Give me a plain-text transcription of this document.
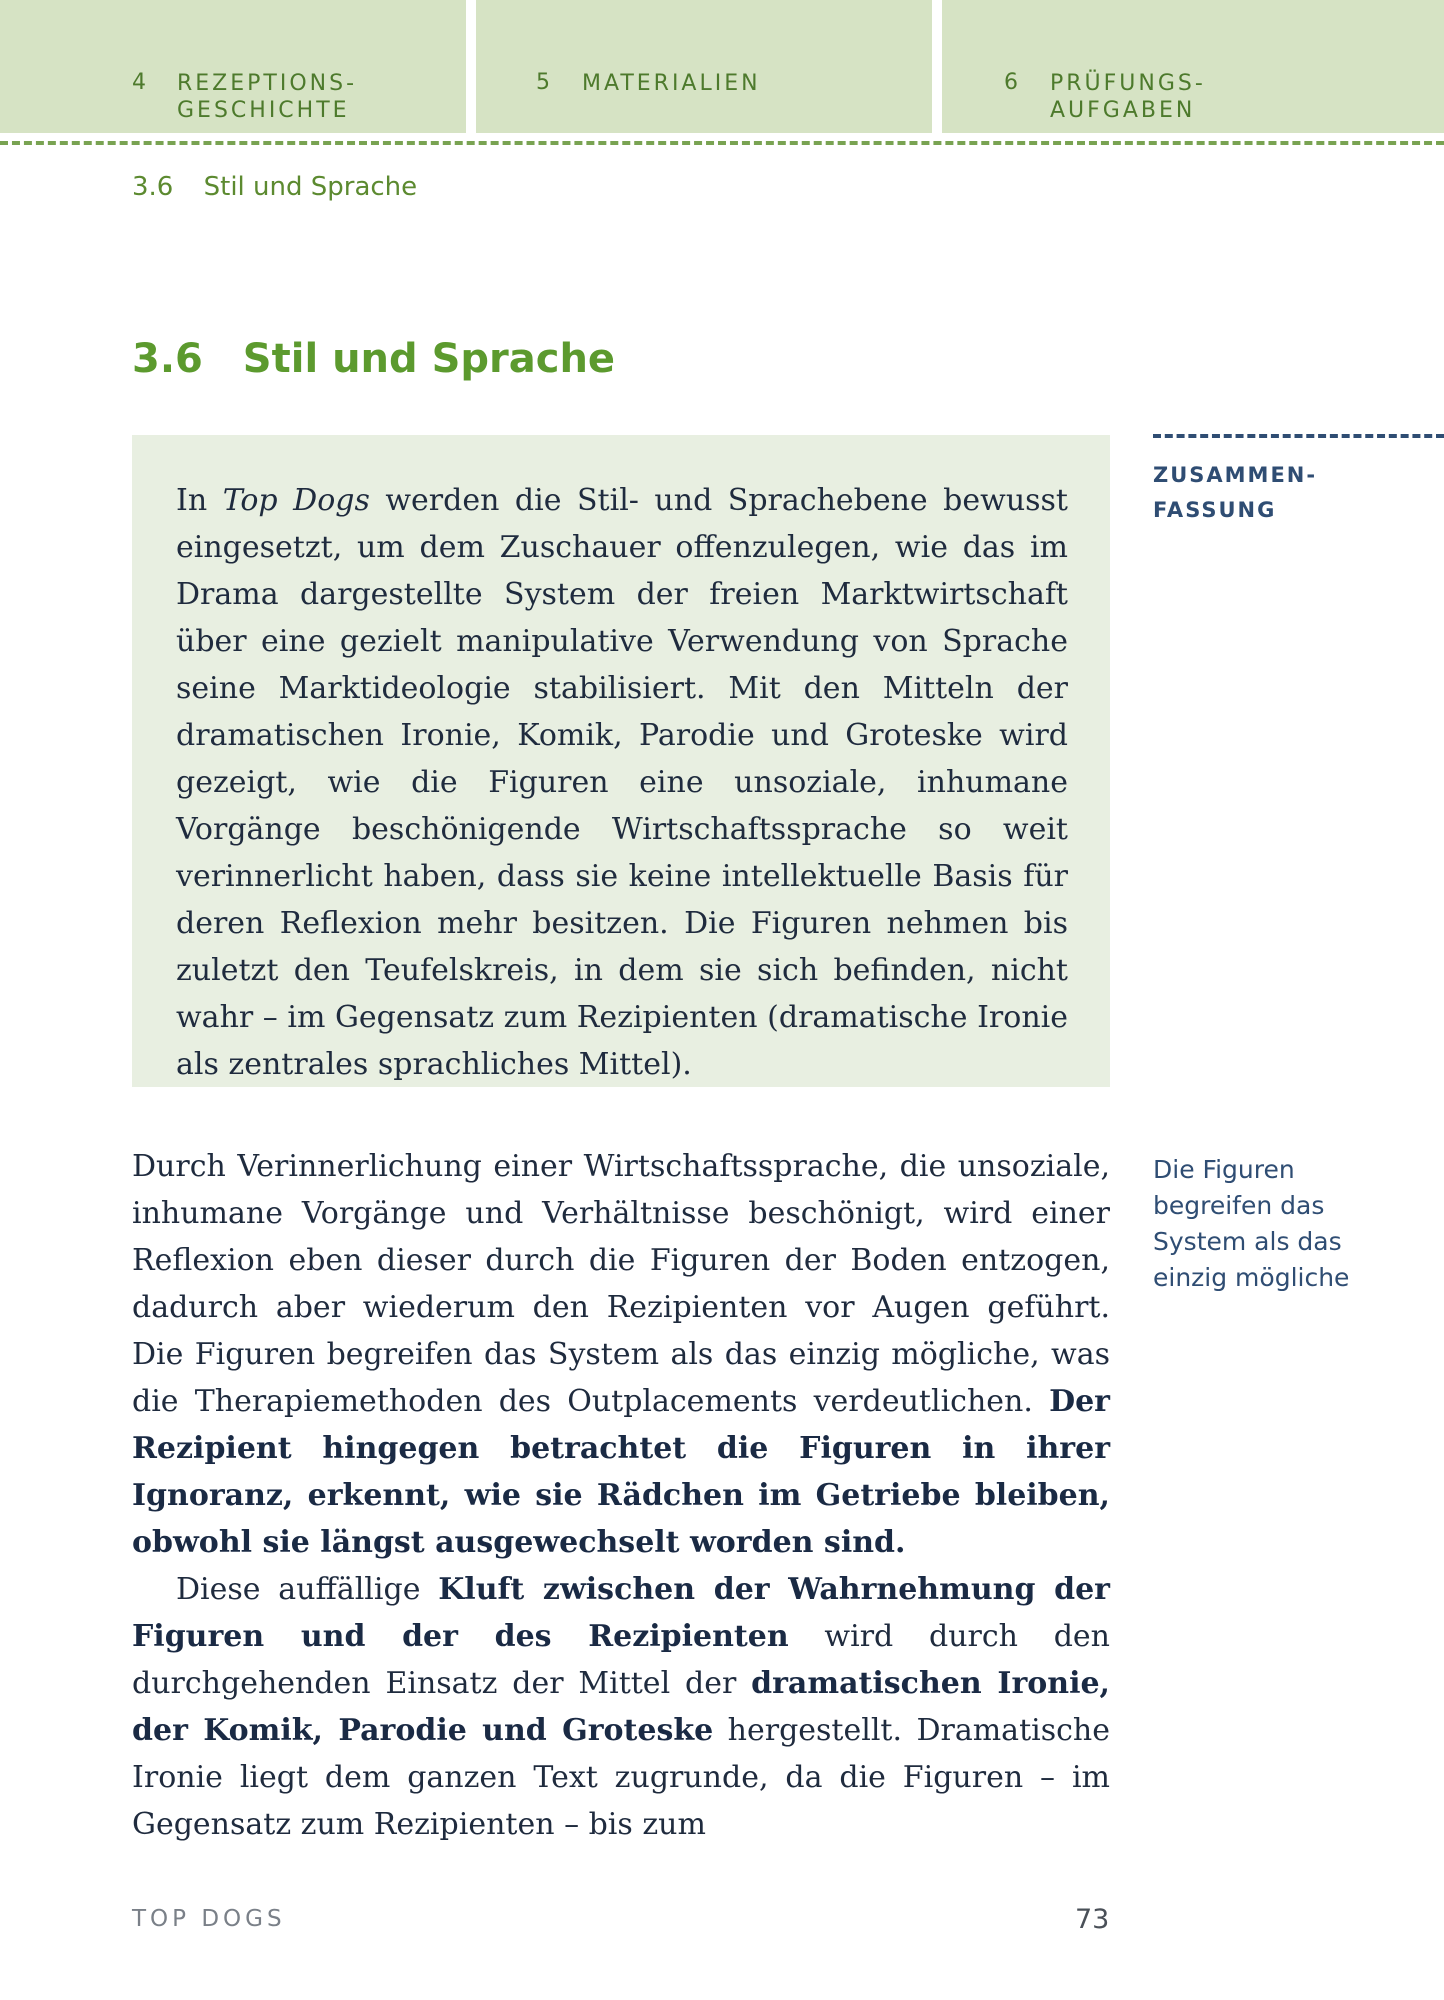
4 REZEPTIONS-
GESCHICHTE
5 MATERIALIEN	6 PRÜFUNGS-
AUFGABEN
3.6 Stil und Sprache
3.6 Stil und Sprache
ZUSAMMEN-
FASSUNG
In Top Dogs werden die Stil- und Sprachebene bewusst eingesetzt, um dem Zuschauer offenzulegen, wie das im Drama dargestellte System der freien Marktwirtschaft über eine gezielt manipulative Verwendung von Sprache seine Marktideologie stabilisiert. Mit den Mitteln der dramatischen Ironie, Komik, Parodie und Groteske wird gezeigt, wie die Figuren eine unsoziale, inhumane Vorgänge beschönigende Wirtschaftssprache so weit verinnerlicht haben, dass sie keine intellektuelle Basis für deren Reflexion mehr besitzen. Die Figuren nehmen bis zuletzt den Teufelskreis, in dem sie sich befinden, nicht wahr – im Gegensatz zum Rezipienten (dramatische Ironie als zentrales sprachliches Mittel).
Die Figuren begreifen das System als das einzig mögliche

Durch Verinnerlichung einer Wirtschaftssprache, die unsoziale, inhumane Vorgänge und Verhältnisse beschönigt, wird einer Reflexion eben dieser durch die Figuren der Boden entzogen, dadurch aber wiederum den Rezipienten vor Augen geführt. Die Figuren begreifen das System als das einzig mögliche, was die Therapiemethoden des Outplacements verdeutlichen. Der Rezipient hingegen betrachtet die Figuren in ihrer Ignoranz, erkennt, wie sie Rädchen im Getriebe bleiben, obwohl sie längst ausgewechselt worden sind.

Diese auffällige Kluft zwischen der Wahrnehmung der Figuren und der des Rezipienten wird durch den durchgehenden Einsatz der Mittel der dramatischen Ironie, der Komik, Parodie und Groteske hergestellt. Dramatische Ironie liegt dem ganzen Text zugrunde, da die Figuren – im Gegensatz zum Rezipienten – bis zum

TOP DOGS	73
